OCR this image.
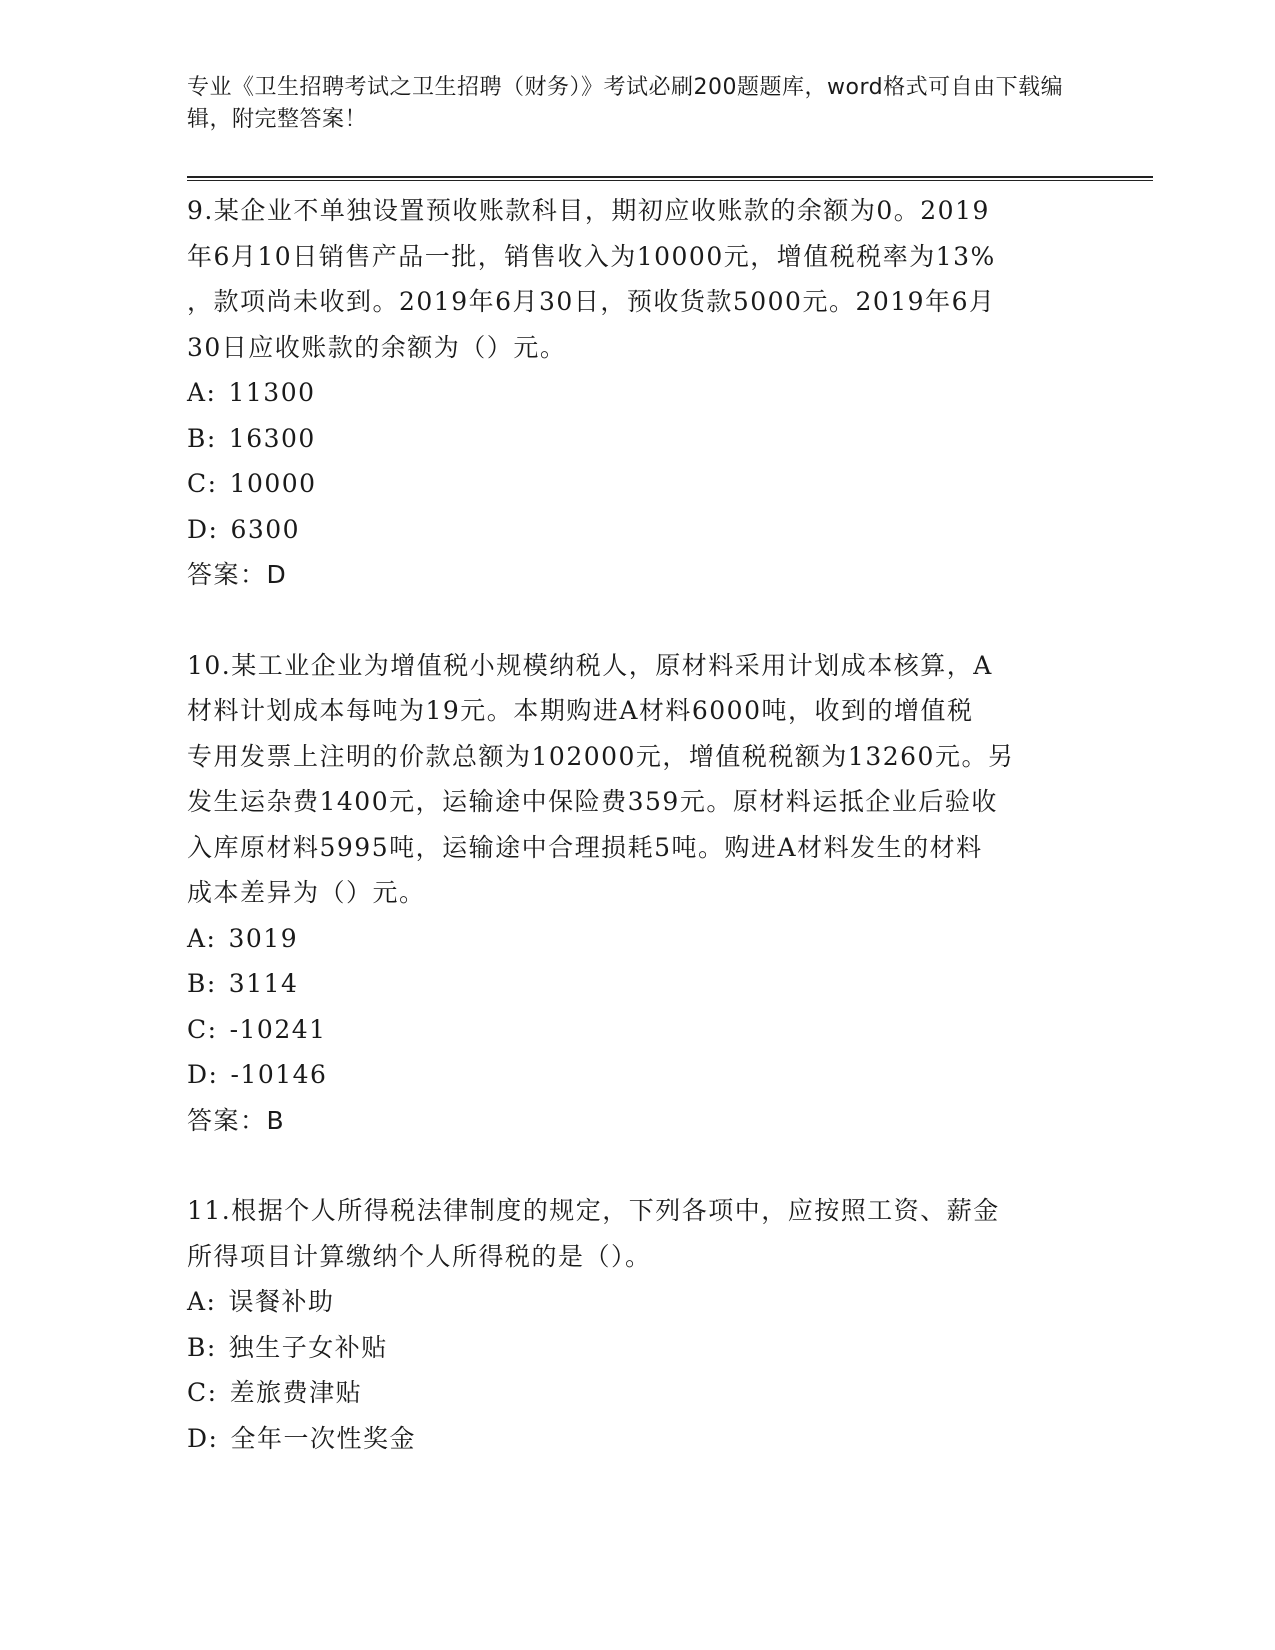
专业《卫生招聘考试之卫生招聘（财务）》考试必刷200题题库，word格式可自由下载编辑，附完整答案！

9.某企业不单独设置预收账款科目，期初应收账款的余额为0。2019

年6月10日销售产品一批，销售收入为10000元，增值税税率为13%

，款项尚未收到。2019年6月30日，预收货款5000元。2019年6月

30日应收账款的余额为（）元。

A: 11300

B: 16300

C: 10000

D: 6300

答案：D

10.某工业企业为增值税小规模纳税人，原材料采用计划成本核算，A

材料计划成本每吨为19元。本期购进A材料6000吨，收到的增值税

专用发票上注明的价款总额为102000元，增值税税额为13260元。另

发生运杂费1400元，运输途中保险费359元。原材料运抵企业后验收

入库原材料5995吨，运输途中合理损耗5吨。购进A材料发生的材料

成本差异为（）元。

A: 3019

B: 3114

C: -10241

D: -10146

答案：B

11.根据个人所得税法律制度的规定，下列各项中，应按照工资、薪金

所得项目计算缴纳个人所得税的是（）。

A: 误餐补助

B: 独生子女补贴

C: 差旅费津贴

D: 全年一次性奖金
